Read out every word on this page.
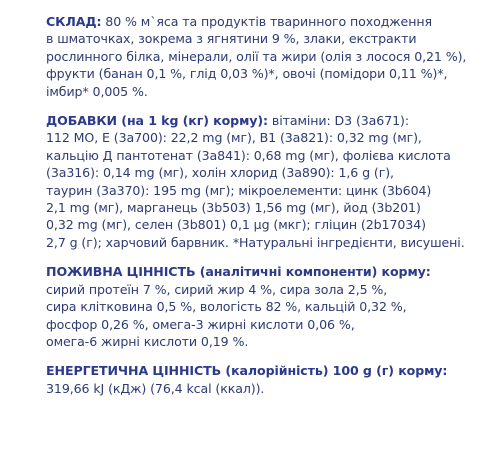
СКЛАД: 80 % м`яса та продуктів тваринного походження
в шматочках, зокрема з ягнятини 9 %, злаки, екстракти
рослинного білка, мінерали, олії та жири (олія з лосося 0,21 %),
фрукти (банан 0,1 %, глід 0,03 %)*, овочі (помідори 0,11 %)*,
імбир* 0,005 %.
ДОБАВКИ (на 1 kg (кг) корму): вітаміни: D3 (3a671):
112 МО, Е (3a700): 22,2 mg (мг), B1 (3a821): 0,32 mg (мг),
кальцію Д пантотенат (3a841): 0,68 mg (мг), фолієва кислота
(3a316): 0,14 mg (мг), холін хлорид (3a890): 1,6 g (г),
таурин (3a370): 195 mg (мг); мікроелементи: цинк (3b604)
2,1 mg (мг), марганець (3b503) 1,56 mg (мг), йод (3b201)
0,32 mg (мг), селен (3b801) 0,1 µg (мкг); гліцин (2b17034)
2,7 g (г); харчовий барвник. *Натуральні інгредієнти, висушені.
ПОЖИВНА ЦІННІСТЬ (аналітичні компоненти) корму:
сирий протеїн 7 %, сирий жир 4 %, сира зола 2,5 %,
сира клітковина 0,5 %, вологість 82 %, кальцій 0,32 %,
фосфор 0,26 %, омега-3 жирні кислоти 0,06 %,
омега-6 жирні кислоти 0,19 %.
ЕНЕРГЕТИЧНА ЦІННІСТЬ (калорійність) 100 g (г) корму:
319,66 kJ (кДж) (76,4 kcal (ккал)).
